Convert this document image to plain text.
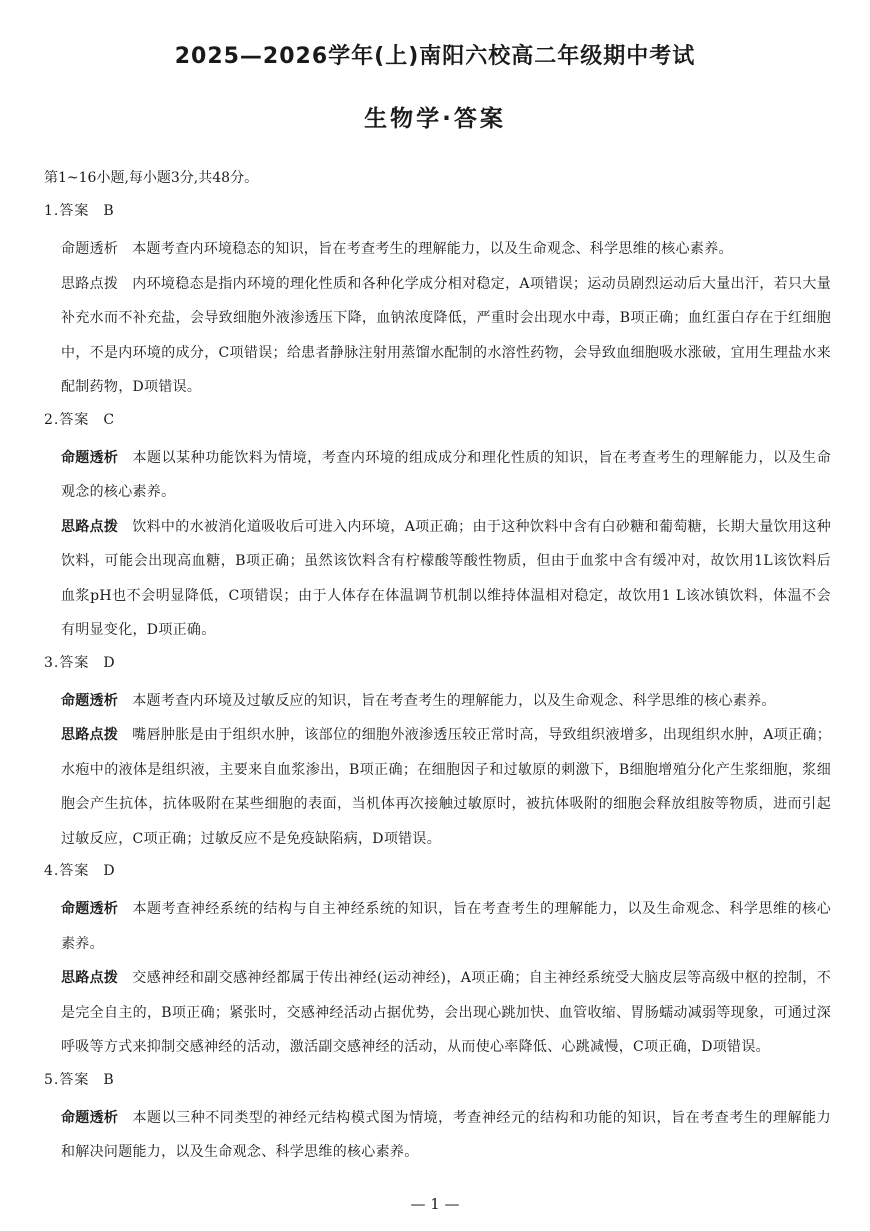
2025—2026学年(上)南阳六校高二年级期中考试
生物学·答案
第1~16小题,每小题3分,共48分。
1.答案 B
命题透析 本题考查内环境稳态的知识，旨在考查考生的理解能力，以及生命观念、科学思维的核心素养。
思路点拨 内环境稳态是指内环境的理化性质和各种化学成分相对稳定，A项错误；运动员剧烈运动后大量出汗，若只大量补充水而不补充盐，会导致细胞外液渗透压下降，血钠浓度降低，严重时会出现水中毒，B项正确；血红蛋白存在于红细胞中，不是内环境的成分，C项错误；给患者静脉注射用蒸馏水配制的水溶性药物，会导致血细胞吸水涨破，宜用生理盐水来配制药物，D项错误。
2.答案 C
命题透析 本题以某种功能饮料为情境，考查内环境的组成成分和理化性质的知识，旨在考查考生的理解能力，以及生命观念的核心素养。
思路点拨 饮料中的水被消化道吸收后可进入内环境，A项正确；由于这种饮料中含有白砂糖和葡萄糖，长期大量饮用这种饮料，可能会出现高血糖，B项正确；虽然该饮料含有柠檬酸等酸性物质，但由于血浆中含有缓冲对，故饮用1L该饮料后血浆pH也不会明显降低，C项错误；由于人体存在体温调节机制以维持体温相对稳定，故饮用1 L该冰镇饮料，体温不会有明显变化，D项正确。
3.答案 D
命题透析 本题考查内环境及过敏反应的知识，旨在考查考生的理解能力，以及生命观念、科学思维的核心素养。
思路点拨 嘴唇肿胀是由于组织水肿，该部位的细胞外液渗透压较正常时高，导致组织液增多，出现组织水肿，A项正确；水疱中的液体是组织液，主要来自血浆渗出，B项正确；在细胞因子和过敏原的刺激下，B细胞增殖分化产生浆细胞，浆细胞会产生抗体，抗体吸附在某些细胞的表面，当机体再次接触过敏原时，被抗体吸附的细胞会释放组胺等物质，进而引起过敏反应，C项正确；过敏反应不是免疫缺陷病，D项错误。
4.答案 D
命题透析 本题考查神经系统的结构与自主神经系统的知识，旨在考查考生的理解能力，以及生命观念、科学思维的核心素养。
思路点拨 交感神经和副交感神经都属于传出神经(运动神经)，A项正确；自主神经系统受大脑皮层等高级中枢的控制，不是完全自主的，B项正确；紧张时，交感神经活动占据优势，会出现心跳加快、血管收缩、胃肠蠕动减弱等现象，可通过深呼吸等方式来抑制交感神经的活动，激活副交感神经的活动，从而使心率降低、心跳减慢，C项正确，D项错误。
5.答案 B
命题透析 本题以三种不同类型的神经元结构模式图为情境，考查神经元的结构和功能的知识，旨在考查考生的理解能力和解决问题能力，以及生命观念、科学思维的核心素养。
— 1 —
